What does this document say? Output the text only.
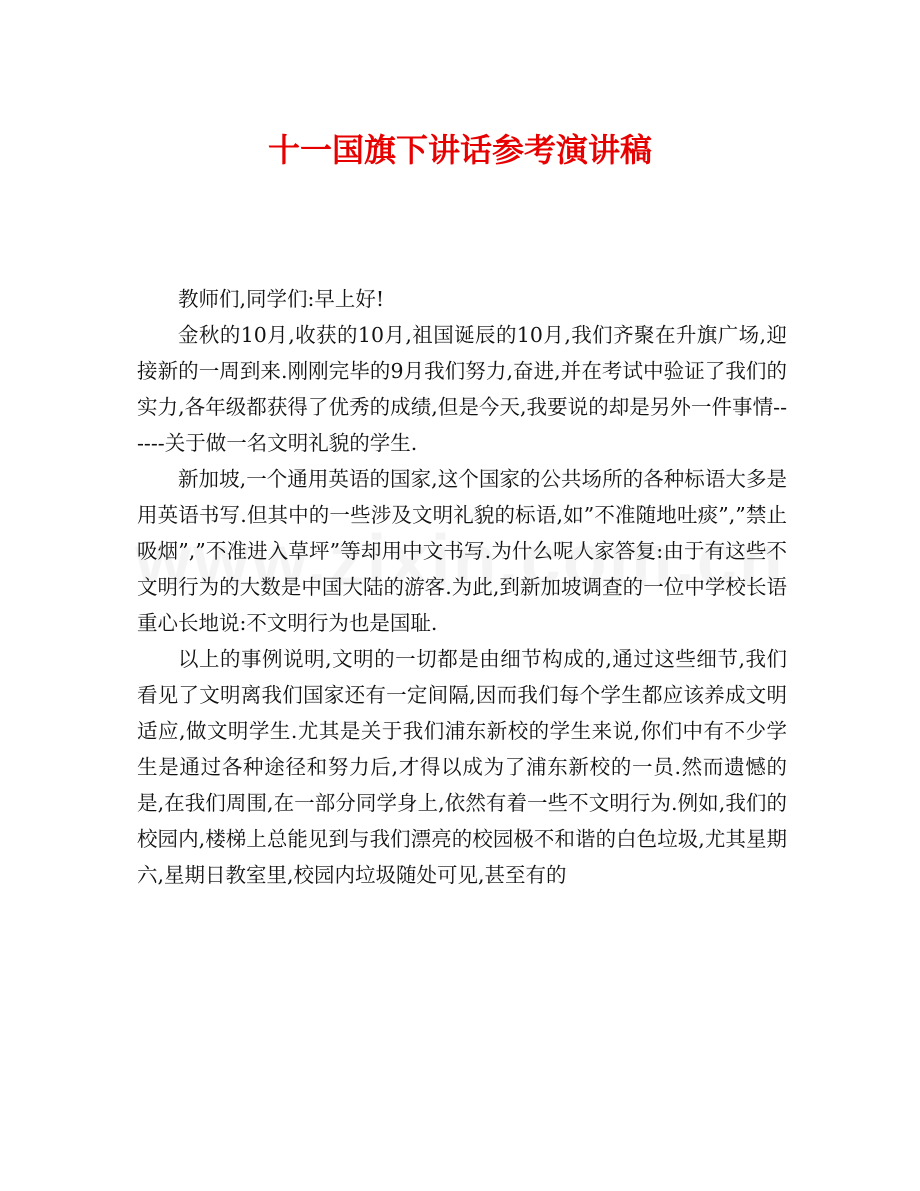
十一国旗下讲话参考演讲稿

教师们,同学们:早上好!

金秋的10月,收获的10月,祖国诞辰的10月,我们齐聚在升旗广场,迎接新的一周到来.刚刚完毕的9月我们努力,奋进,并在考试中验证了我们的实力,各年级都获得了优秀的成绩,但是今天,我要说的却是另外一件事情------关于做一名文明礼貌的学生.

新加坡,一个通用英语的国家,这个国家的公共场所的各种标语大多是用英语书写.但其中的一些涉及文明礼貌的标语,如”不准随地吐痰”,”禁止吸烟”,”不准进入草坪”等却用中文书写.为什么呢人家答复:由于有这些不文明行为的大数是中国大陆的游客.为此,到新加坡调查的一位中学校长语重心长地说:不文明行为也是国耻.

以上的事例说明,文明的一切都是由细节构成的,通过这些细节,我们看见了文明离我们国家还有一定间隔,因而我们每个学生都应该养成文明适应,做文明学生.尤其是关于我们浦东新校的学生来说,你们中有不少学生是通过各种途径和努力后,才得以成为了浦东新校的一员.然而遗憾的是,在我们周围,在一部分同学身上,依然有着一些不文明行为.例如,我们的校园内,楼梯上总能见到与我们漂亮的校园极不和谐的白色垃圾,尤其星期六,星期日教室里,校园内垃圾随处可见,甚至有的
